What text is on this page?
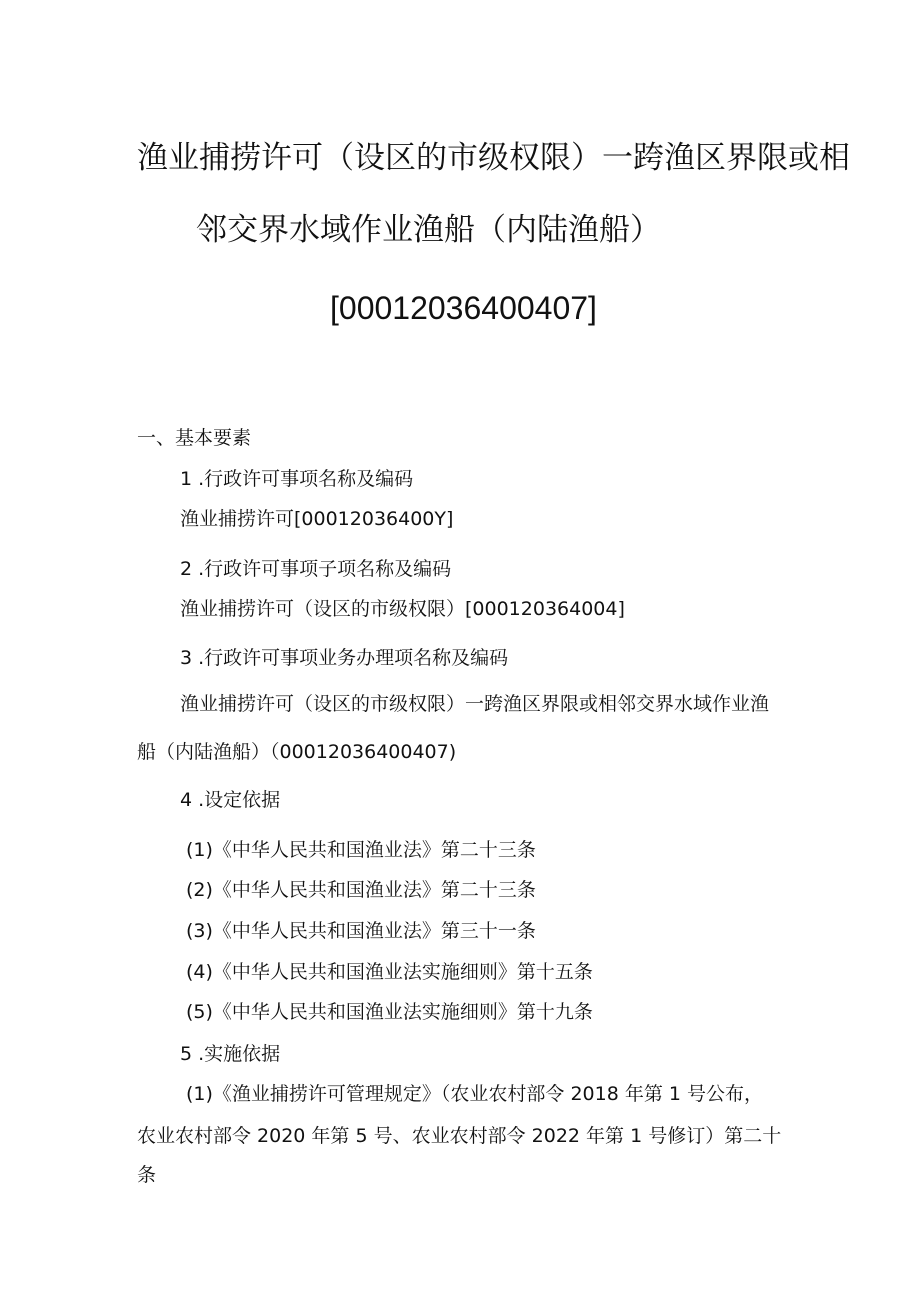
渔业捕捞许可（设区的市级权限）一跨渔区界限或相
邻交界水域作业渔船（内陆渔船）
[00012036400407]
一、基本要素
1 .行政许可事项名称及编码
渔业捕捞许可[00012036400Y]
2 .行政许可事项子项名称及编码
渔业捕捞许可（设区的市级权限）[000120364004]
3 .行政许可事项业务办理项名称及编码
渔业捕捞许可（设区的市级权限）一跨渔区界限或相邻交界水域作业渔
船（内陆渔船）（00012036400407)
4 .设定依据
(1)《中华人民共和国渔业法》第二十三条
(2)《中华人民共和国渔业法》第二十三条
(3)《中华人民共和国渔业法》第三十一条
(4)《中华人民共和国渔业法实施细则》第十五条
(5)《中华人民共和国渔业法实施细则》第十九条
5 .实施依据
(1)《渔业捕捞许可管理规定》（农业农村部令 2018 年第 1 号公布，
农业农村部令 2020 年第 5 号、农业农村部令 2022 年第 1 号修订）第二十
条
